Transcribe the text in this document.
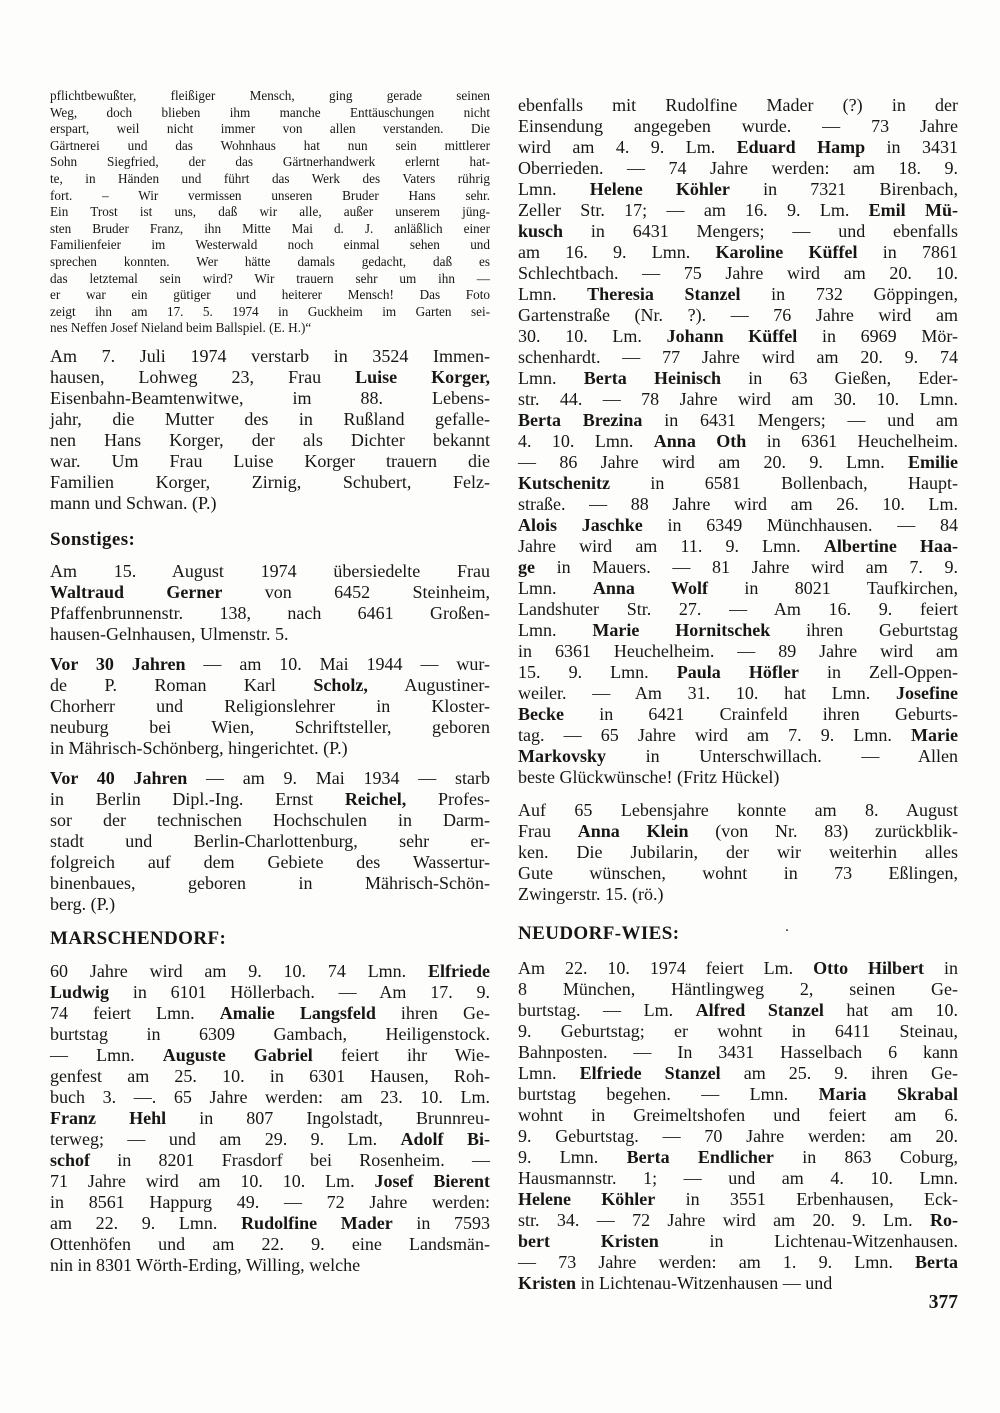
pflichtbewußter, fleißiger Mensch, ging gerade seinen
Weg, doch blieben ihm manche Enttäuschungen nicht
erspart, weil nicht immer von allen verstanden. Die
Gärtnerei und das Wohnhaus hat nun sein mittlerer
Sohn Siegfried, der das Gärtnerhandwerk erlernt hat-
te, in Händen und führt das Werk des Vaters rührig
fort. – Wir vermissen unseren Bruder Hans sehr.
Ein Trost ist uns, daß wir alle, außer unserem jüng-
sten Bruder Franz, ihn Mitte Mai d. J. anläßlich einer
Familienfeier im Westerwald noch einmal sehen und
sprechen konnten. Wer hätte damals gedacht, daß es
das letztemal sein wird? Wir trauern sehr um ihn —
er war ein gütiger und heiterer Mensch! Das Foto
zeigt ihn am 17. 5. 1974 in Guckheim im Garten sei-
nes Neffen Josef Nieland beim Ballspiel. (E. H.)“
Am 7. Juli 1974 verstarb in 3524 Immen-
hausen, Lohweg 23, Frau Luise Korger,
Eisenbahn-Beamtenwitwe, im 88. Lebens-
jahr, die Mutter des in Rußland gefalle-
nen Hans Korger, der als Dichter bekannt
war. Um Frau Luise Korger trauern die
Familien Korger, Zirnig, Schubert, Felz-
mann und Schwan. (P.)
Sonstiges:
Am 15. August 1974 übersiedelte Frau
Waltraud Gerner von 6452 Steinheim,
Pfaffenbrunnenstr. 138, nach 6461 Großen-
hausen-Gelnhausen, Ulmenstr. 5.
Vor 30 Jahren — am 10. Mai 1944 — wur-
de P. Roman Karl Scholz, Augustiner-
Chorherr und Religionslehrer in Kloster-
neuburg bei Wien, Schriftsteller, geboren
in Mährisch-Schönberg, hingerichtet. (P.)
Vor 40 Jahren — am 9. Mai 1934 — starb
in Berlin Dipl.-Ing. Ernst Reichel, Profes-
sor der technischen Hochschulen in Darm-
stadt und Berlin-Charlottenburg, sehr er-
folgreich auf dem Gebiete des Wassertur-
binenbaues, geboren in Mährisch-Schön-
berg. (P.)
MARSCHENDORF:
60 Jahre wird am 9. 10. 74 Lmn. Elfriede
Ludwig in 6101 Höllerbach. — Am 17. 9.
74 feiert Lmn. Amalie Langsfeld ihren Ge-
burtstag in 6309 Gambach, Heiligenstock.
— Lmn. Auguste Gabriel feiert ihr Wie-
genfest am 25. 10. in 6301 Hausen, Roh-
buch 3. —. 65 Jahre werden: am 23. 10. Lm.
Franz Hehl in 807 Ingolstadt, Brunnreu-
terweg; — und am 29. 9. Lm. Adolf Bi-
schof in 8201 Frasdorf bei Rosenheim. —
71 Jahre wird am 10. 10. Lm. Josef Bierent
in 8561 Happurg 49. — 72 Jahre werden:
am 22. 9. Lmn. Rudolfine Mader in 7593
Ottenhöfen und am 22. 9. eine Landsmän-
nin in 8301 Wörth-Erding, Willing, welche
ebenfalls mit Rudolfine Mader (?) in der
Einsendung angegeben wurde. — 73 Jahre
wird am 4. 9. Lm. Eduard Hamp in 3431
Oberrieden. — 74 Jahre werden: am 18. 9.
Lmn. Helene Köhler in 7321 Birenbach,
Zeller Str. 17; — am 16. 9. Lm. Emil Mü-
kusch in 6431 Mengers; — und ebenfalls
am 16. 9. Lmn. Karoline Küffel in 7861
Schlechtbach. — 75 Jahre wird am 20. 10.
Lmn. Theresia Stanzel in 732 Göppingen,
Gartenstraße (Nr. ?). — 76 Jahre wird am
30. 10. Lm. Johann Küffel in 6969 Mör-
schenhardt. — 77 Jahre wird am 20. 9. 74
Lmn. Berta Heinisch in 63 Gießen, Eder-
str. 44. — 78 Jahre wird am 30. 10. Lmn.
Berta Brezina in 6431 Mengers; — und am
4. 10. Lmn. Anna Oth in 6361 Heuchelheim.
— 86 Jahre wird am 20. 9. Lmn. Emilie
Kutschenitz in 6581 Bollenbach, Haupt-
straße. — 88 Jahre wird am 26. 10. Lm.
Alois Jaschke in 6349 Münchhausen. — 84
Jahre wird am 11. 9. Lmn. Albertine Haa-
ge in Mauers. — 81 Jahre wird am 7. 9.
Lmn. Anna Wolf in 8021 Taufkirchen,
Landshuter Str. 27. — Am 16. 9. feiert
Lmn. Marie Hornitschek ihren Geburtstag
in 6361 Heuchelheim. — 89 Jahre wird am
15. 9. Lmn. Paula Höfler in Zell-Oppen-
weiler. — Am 31. 10. hat Lmn. Josefine
Becke in 6421 Crainfeld ihren Geburts-
tag. — 65 Jahre wird am 7. 9. Lmn. Marie
Markovsky in Unterschwillach. — Allen
beste Glückwünsche! (Fritz Hückel)
Auf 65 Lebensjahre konnte am 8. August
Frau Anna Klein (von Nr. 83) zurückblik-
ken. Die Jubilarin, der wir weiterhin alles
Gute wünschen, wohnt in 73 Eßlingen,
Zwingerstr. 15. (rö.)
NEUDORF-WIES:	·
Am 22. 10. 1974 feiert Lm. Otto Hilbert in
8 München, Häntlingweg 2, seinen Ge-
burtstag. — Lm. Alfred Stanzel hat am 10.
9. Geburtstag; er wohnt in 6411 Steinau,
Bahnposten. — In 3431 Hasselbach 6 kann
Lmn. Elfriede Stanzel am 25. 9. ihren Ge-
burtstag begehen. — Lmn. Maria Skrabal
wohnt in Greimeltshofen und feiert am 6.
9. Geburtstag. — 70 Jahre werden: am 20.
9. Lmn. Berta Endlicher in 863 Coburg,
Hausmannstr. 1; — und am 4. 10. Lmn.
Helene Köhler in 3551 Erbenhausen, Eck-
str. 34. — 72 Jahre wird am 20. 9. Lm. Ro-
bert Kristen in Lichtenau-Witzenhausen.
— 73 Jahre werden: am 1. 9. Lmn. Berta
Kristen in Lichtenau-Witzenhausen — und
377
